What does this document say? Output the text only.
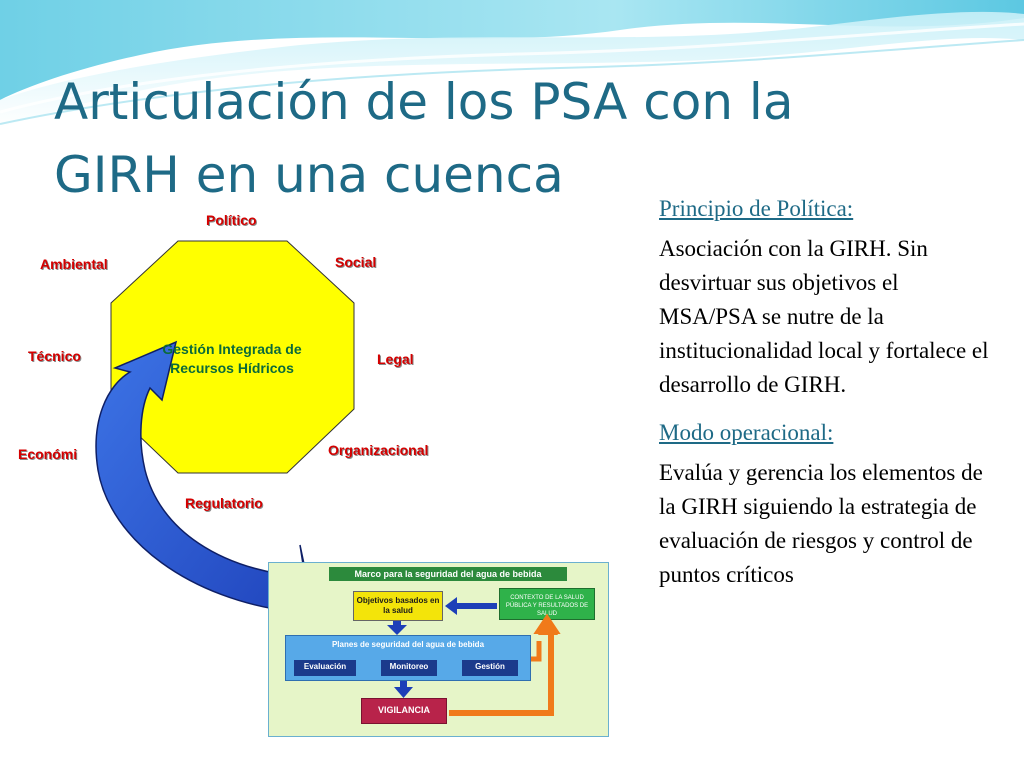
Articulación de los PSA con la
GIRH en una cuenca
Gestión Integrada de Recursos Hídricos
Político
Social
Ambiental
Técnico	Legal
Económi	Organizacional
Regulatorio
Marco para la seguridad del agua de bebida
Objetivos basados en la salud
CONTEXTO DE LA SALUD PÚBLICA Y RESULTADOS DE SALUD
Planes de seguridad del agua de bebida
Evaluación	Monitoreo	Gestión
VIGILANCIA
Principio de Política:
Asociación con la GIRH. Sin desvirtuar sus objetivos el MSA/PSA se nutre de la institucionalidad local y fortalece el desarrollo de GIRH.
Modo operacional:
Evalúa y gerencia los elementos de la GIRH siguiendo la estrategia de evaluación de riesgos y control de puntos críticos
